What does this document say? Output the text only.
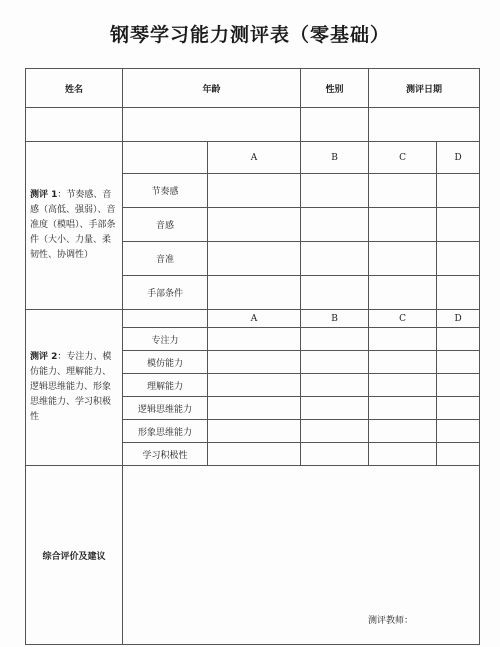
钢琴学习能力测评表（零基础）
姓名	年龄		性别	测评日期	

测评 1：节奏感、音感（高低、强弱）、音准度（模唱）、手部条件（大小、力量、柔韧性、协调性）		A	B	C	D
	节奏感				
	音感				
	音准				
	手部条件				
测评 2：专注力、模仿能力、理解能力、逻辑思维能力、形象思维能力、学习积极性		A	B	C	D
	专注力				
	模仿能力				
	理解能力				
	逻辑思维能力				
	形象思维能力				
	学习积极性				
综合评价及建议	测评教师：				
